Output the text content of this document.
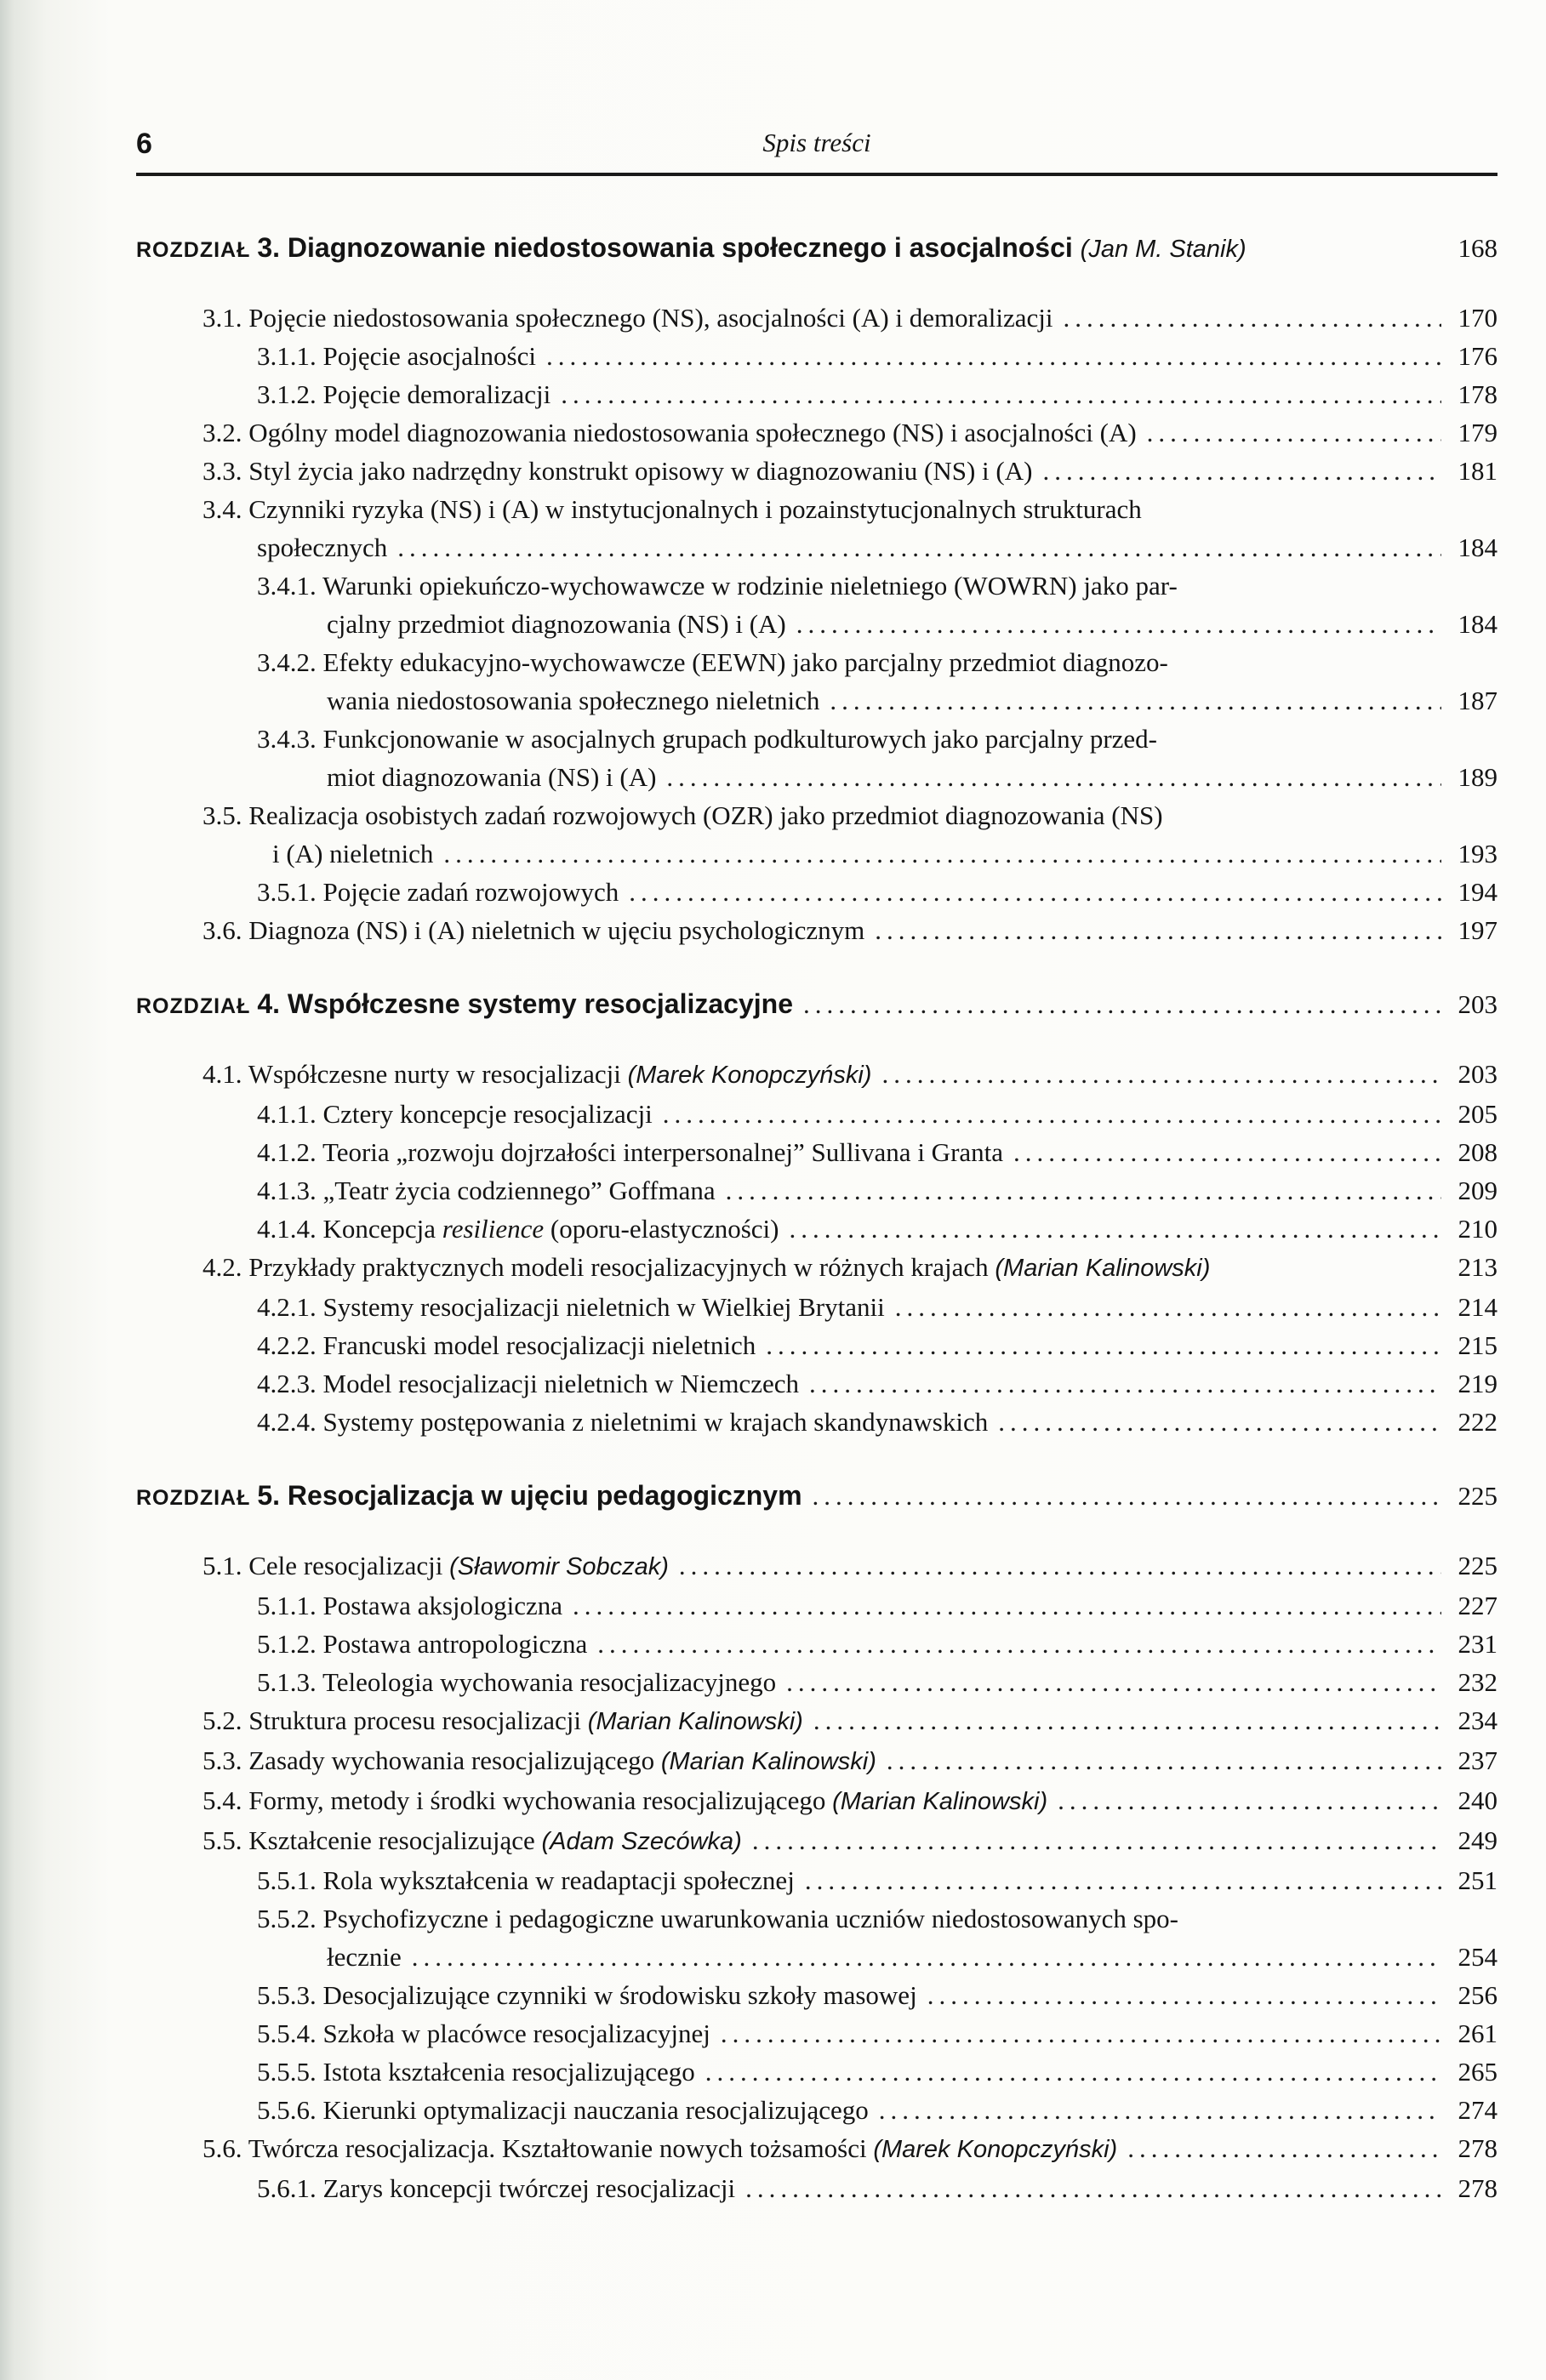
6	Spis treści
ROZDZIAŁ 3. Diagnozowanie niedostosowania społecznego i asocjalności (Jan M. Stanik)	168
3.1. Pojęcie niedostosowania społecznego (NS), asocjalności (A) i demoralizacji .....	170
3.1.1. Pojęcie asocjalności .....	176
3.1.2. Pojęcie demoralizacji .....	178
3.2. Ogólny model diagnozowania niedostosowania społecznego (NS) i asocjalności (A) .....	179
3.3. Styl życia jako nadrzędny konstrukt opisowy w diagnozowaniu (NS) i (A) .....	181
3.4. Czynniki ryzyka (NS) i (A) w instytucjonalnych i pozainstytucjonalnych strukturach
społecznych .....	184
3.4.1. Warunki opiekuńczo-wychowawcze w rodzinie nieletniego (WOWRN) jako par-
cjalny przedmiot diagnozowania (NS) i (A) .....	184
3.4.2. Efekty edukacyjno-wychowawcze (EEWN) jako parcjalny przedmiot diagnozo-
wania niedostosowania społecznego nieletnich .....	187
3.4.3. Funkcjonowanie w asocjalnych grupach podkulturowych jako parcjalny przed-
miot diagnozowania (NS) i (A) .....	189
3.5. Realizacja osobistych zadań rozwojowych (OZR) jako przedmiot diagnozowania (NS)
i (A) nieletnich .....	193
3.5.1. Pojęcie zadań rozwojowych .....	194
3.6. Diagnoza (NS) i (A) nieletnich w ujęciu psychologicznym .....	197
ROZDZIAŁ 4. Współczesne systemy resocjalizacyjne .....	203
4.1. Współczesne nurty w resocjalizacji (Marek Konopczyński) .....	203
4.1.1. Cztery koncepcje resocjalizacji .....	205
4.1.2. Teoria „rozwoju dojrzałości interpersonalnej” Sullivana i Granta .....	208
4.1.3. „Teatr życia codziennego” Goffmana .....	209
4.1.4. Koncepcja resilience (oporu-elastyczności) .....	210
4.2. Przykłady praktycznych modeli resocjalizacyjnych w różnych krajach (Marian Kalinowski)	213
4.2.1. Systemy resocjalizacji nieletnich w Wielkiej Brytanii .....	214
4.2.2. Francuski model resocjalizacji nieletnich .....	215
4.2.3. Model resocjalizacji nieletnich w Niemczech .....	219
4.2.4. Systemy postępowania z nieletnimi w krajach skandynawskich .....	222
ROZDZIAŁ 5. Resocjalizacja w ujęciu pedagogicznym .....	225
5.1. Cele resocjalizacji (Sławomir Sobczak) .....	225
5.1.1. Postawa aksjologiczna .....	227
5.1.2. Postawa antropologiczna .....	231
5.1.3. Teleologia wychowania resocjalizacyjnego .....	232
5.2. Struktura procesu resocjalizacji (Marian Kalinowski) .....	234
5.3. Zasady wychowania resocjalizującego (Marian Kalinowski) .....	237
5.4. Formy, metody i środki wychowania resocjalizującego (Marian Kalinowski) .....	240
5.5. Kształcenie resocjalizujące (Adam Szecówka) .....	249
5.5.1. Rola wykształcenia w readaptacji społecznej .....	251
5.5.2. Psychofizyczne i pedagogiczne uwarunkowania uczniów niedostosowanych spo-
łecznie .....	254
5.5.3. Desocjalizujące czynniki w środowisku szkoły masowej .....	256
5.5.4. Szkoła w placówce resocjalizacyjnej .....	261
5.5.5. Istota kształcenia resocjalizującego .....	265
5.5.6. Kierunki optymalizacji nauczania resocjalizującego .....	274
5.6. Twórcza resocjalizacja. Kształtowanie nowych tożsamości (Marek Konopczyński) .....	278
5.6.1. Zarys koncepcji twórczej resocjalizacji .....	278
